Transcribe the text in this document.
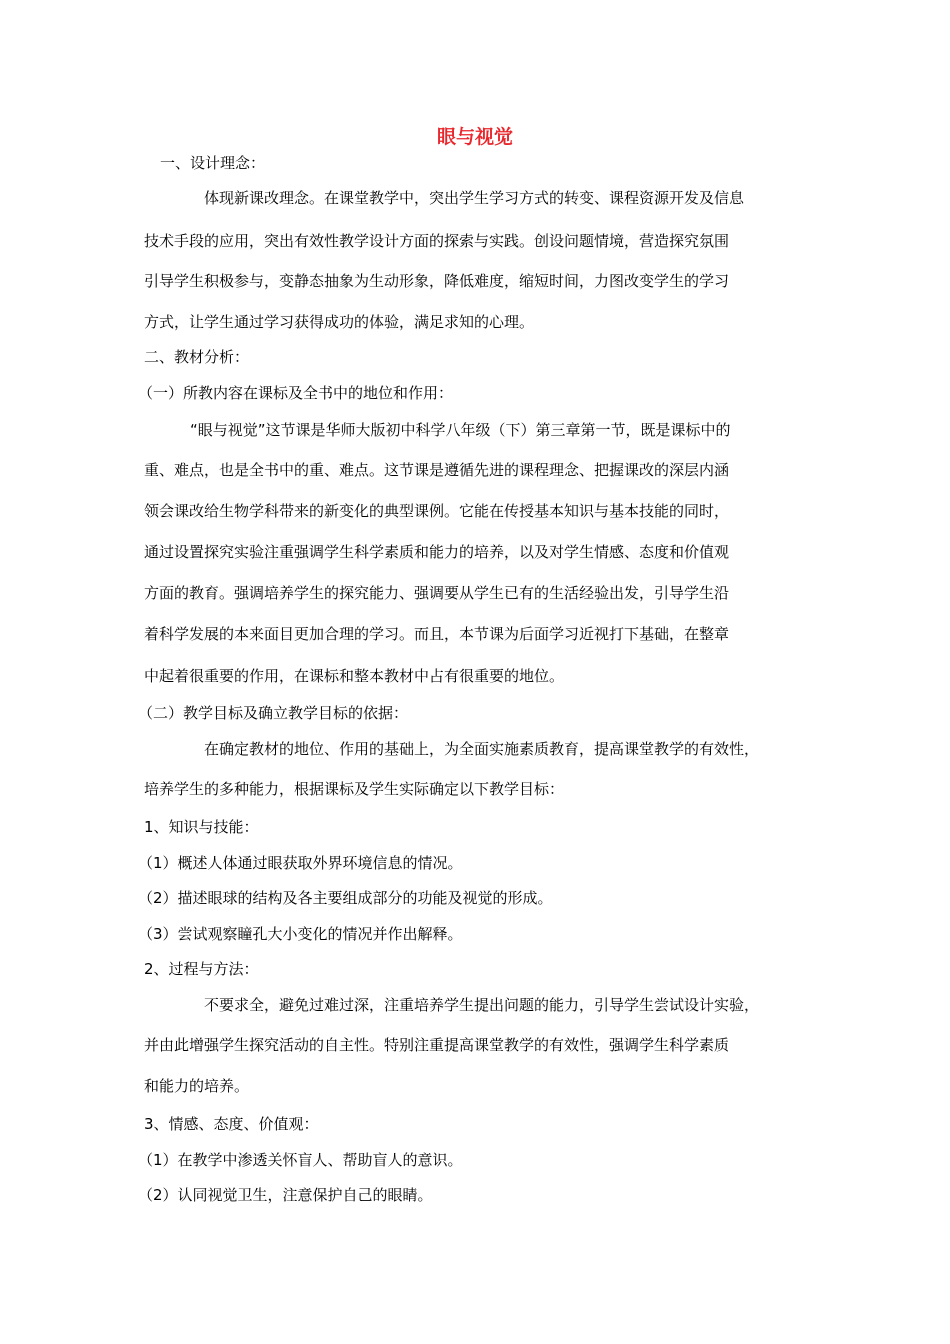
眼与视觉
一、设计理念：
体现新课改理念。在课堂教学中，突出学生学习方式的转变、课程资源开发及信息
技术手段的应用，突出有效性教学设计方面的探索与实践。创设问题情境，营造探究氛围
引导学生积极参与，变静态抽象为生动形象，降低难度，缩短时间，力图改变学生的学习
方式，让学生通过学习获得成功的体验，满足求知的心理。
二、教材分析：
（一）所教内容在课标及全书中的地位和作用：
“眼与视觉”这节课是华师大版初中科学八年级（下）第三章第一节，既是课标中的
重、难点，也是全书中的重、难点。这节课是遵循先进的课程理念、把握课改的深层内涵
领会课改给生物学科带来的新变化的典型课例。它能在传授基本知识与基本技能的同时，
通过设置探究实验注重强调学生科学素质和能力的培养，以及对学生情感、态度和价值观
方面的教育。强调培养学生的探究能力、强调要从学生已有的生活经验出发，引导学生沿
着科学发展的本来面目更加合理的学习。而且，本节课为后面学习近视打下基础，在整章
中起着很重要的作用，在课标和整本教材中占有很重要的地位。
（二）教学目标及确立教学目标的依据：
在确定教材的地位、作用的基础上，为全面实施素质教育，提高课堂教学的有效性，
培养学生的多种能力，根据课标及学生实际确定以下教学目标：
1、知识与技能：
（1）概述人体通过眼获取外界环境信息的情况。
（2）描述眼球的结构及各主要组成部分的功能及视觉的形成。
（3）尝试观察瞳孔大小变化的情况并作出解释。
2、过程与方法：
不要求全，避免过难过深，注重培养学生提出问题的能力，引导学生尝试设计实验，
并由此增强学生探究活动的自主性。特别注重提高课堂教学的有效性，强调学生科学素质
和能力的培养。
3、情感、态度、价值观：
（1）在教学中渗透关怀盲人、帮助盲人的意识。
（2）认同视觉卫生，注意保护自己的眼睛。
